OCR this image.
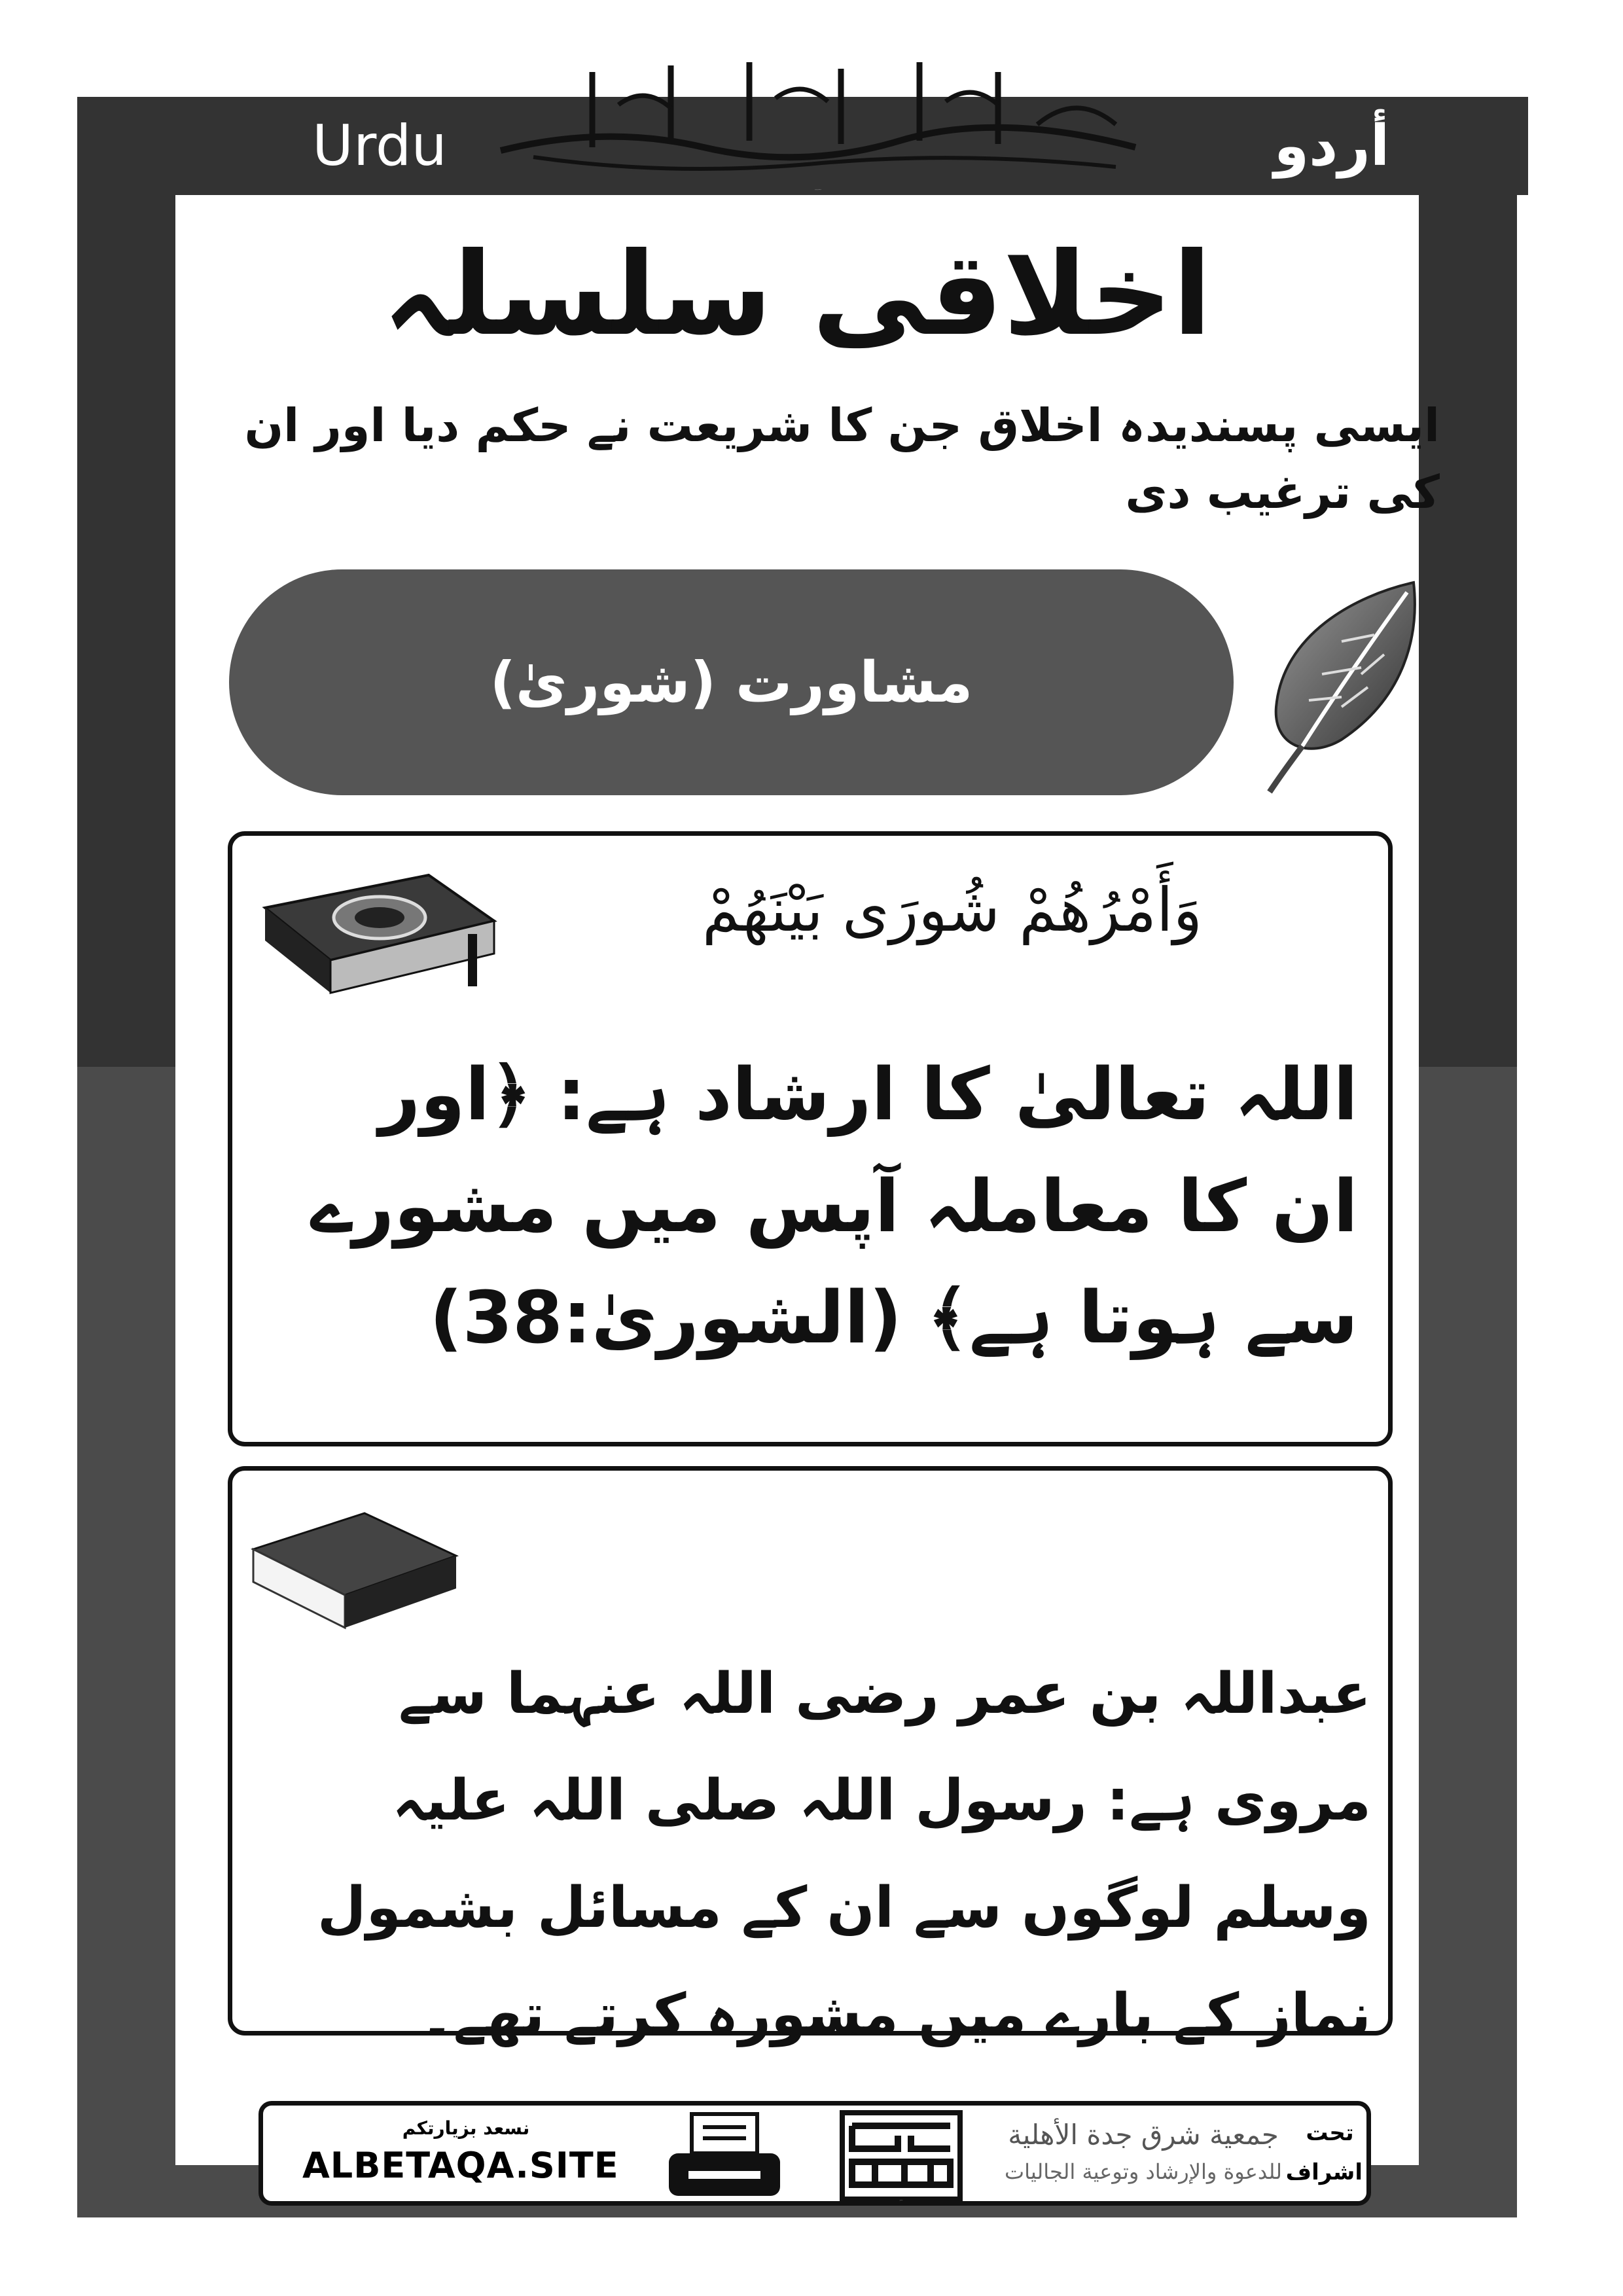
Urdu	أردو
بسم الله الرحمن الرحيم
اخلاقی سلسلہ
ایسی پسندیدہ اخلاق جن کا شریعت نے حکم دیا اور ان کی ترغیب دی
مشاورت (شوریٰ)
وَأَمْرُهُمْ شُورَى بَيْنَهُمْ
اللہ تعالیٰ کا ارشاد ہے: ﴿اور ان کا معاملہ آپس میں مشورے سے ہوتا ہے﴾ (الشوریٰ:38)
عبداللہ بن عمر رضی اللہ عنہما سے مروی ہے: رسول اللہ صلی اللہ علیہ وسلم لوگوں سے ان کے مسائل بشمول نماز کے بارے میں مشورہ کرتے تھے۔
نسعد بزيارتكم
ALBETAQA.SITE
دعوة الورقة
جمعية شرق جدة الأهلية
للدعوة والإرشاد وتوعية الجاليات
تحت
اشراف
